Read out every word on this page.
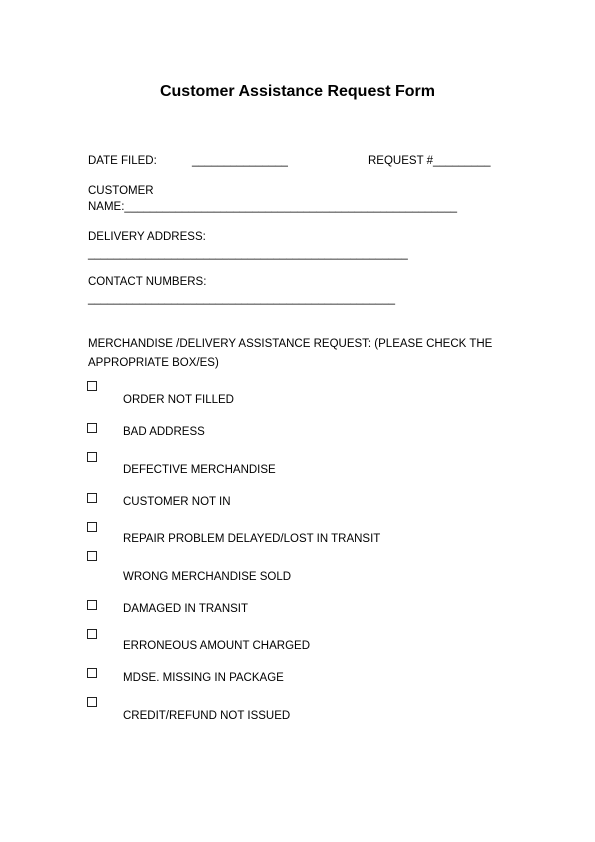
Customer Assistance Request Form
DATE FILED:	_______________	REQUEST #_________
CUSTOMER
NAME:____________________________________________________
DELIVERY ADDRESS:
__________________________________________________
CONTACT NUMBERS:
________________________________________________
MERCHANDISE /DELIVERY ASSISTANCE REQUEST: (PLEASE CHECK THE
APPROPRIATE BOX/ES)
ORDER NOT FILLED
BAD ADDRESS
DEFECTIVE MERCHANDISE
CUSTOMER NOT IN
REPAIR PROBLEM DELAYED/LOST IN TRANSIT
WRONG MERCHANDISE SOLD
DAMAGED IN TRANSIT
ERRONEOUS AMOUNT CHARGED
MDSE. MISSING IN PACKAGE
CREDIT/REFUND NOT ISSUED
